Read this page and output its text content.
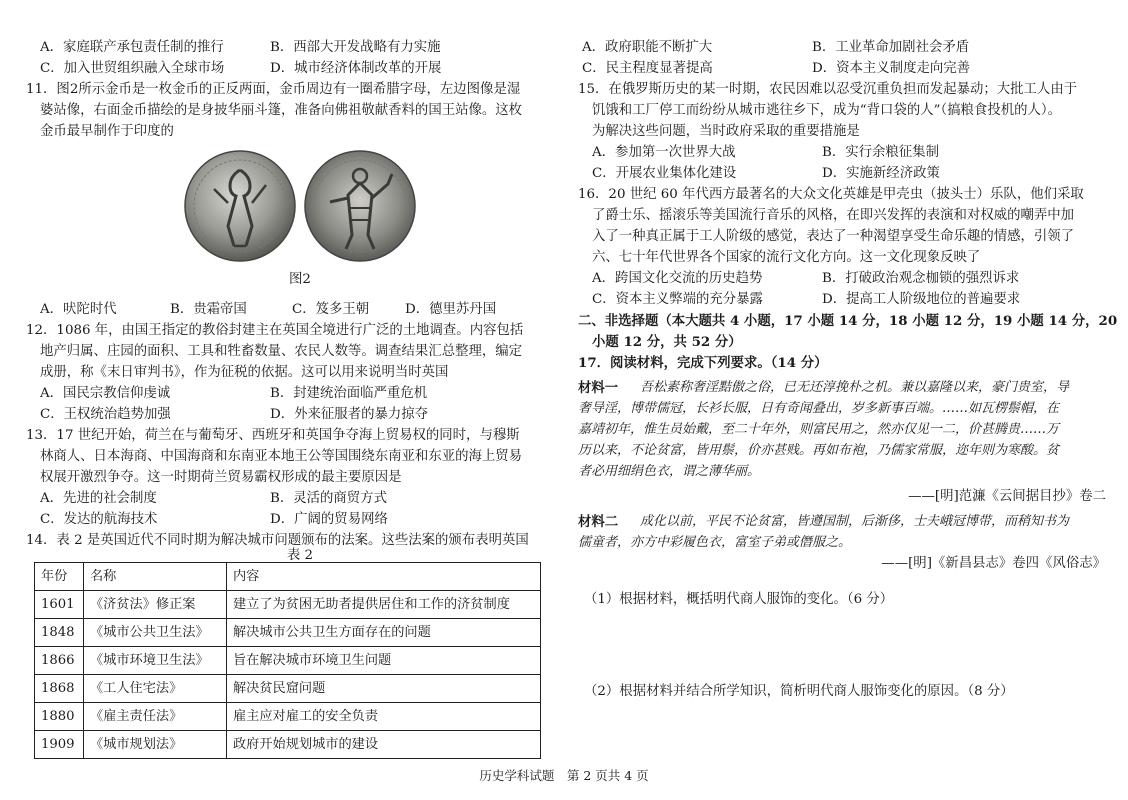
A．家庭联产承包责任制的推行	B．西部大开发战略有力实施
C．加入世贸组织融入全球市场	D．城市经济体制改革的开展
11．图2所示金币是一枚金币的正反两面，金币周边有一圈希腊字母，左边图像是湿
婆站像，右面金币描绘的是身披华丽斗篷，准备向佛祖敬献香料的国王站像。这枚
金币最早制作于印度的
图2
A．吠陀时代	B．贵霜帝国	C．笈多王朝	D．德里苏丹国
12．1086 年，由国王指定的教俗封建主在英国全境进行广泛的土地调查。内容包括
地产归属、庄园的面积、工具和牲畜数量、农民人数等。调查结果汇总整理，编定
成册，称《末日审判书》，作为征税的依据。这可以用来说明当时英国
A．国民宗教信仰虔诚	B．封建统治面临严重危机
C．王权统治趋势加强	D．外来征服者的暴力掠夺
13．17 世纪开始，荷兰在与葡萄牙、西班牙和英国争夺海上贸易权的同时，与穆斯
林商人、日本海商、中国海商和东南亚本地王公等国围绕东南亚和东亚的海上贸易
权展开激烈争夺。这一时期荷兰贸易霸权形成的最主要原因是
A．先进的社会制度	B．灵活的商贸方式
C．发达的航海技术	D．广阔的贸易网络
14．表 2 是英国近代不同时期为解决城市问题颁布的法案。这些法案的颁布表明英国
表 2
年份	名称	内容
1601	《济贫法》修正案	建立了为贫困无助者提供居住和工作的济贫制度
1848	《城市公共卫生法》	解决城市公共卫生方面存在的问题
1866	《城市环境卫生法》	旨在解决城市环境卫生问题
1868	《工人住宅法》	解决贫民窟问题
1880	《雇主责任法》	雇主应对雇工的安全负责
1909	《城市规划法》	政府开始规划城市的建设
A．政府职能不断扩大	B．工业革命加剧社会矛盾
C．民主程度显著提高	D．资本主义制度走向完善
15．在俄罗斯历史的某一时期，农民因难以忍受沉重负担而发起暴动；大批工人由于
饥饿和工厂停工而纷纷从城市逃往乡下，成为“背口袋的人”（搞粮食投机的人）。
为解决这些问题，当时政府采取的重要措施是
A．参加第一次世界大战	B．实行余粮征集制
C．开展农业集体化建设	D．实施新经济政策
16．20 世纪 60 年代西方最著名的大众文化英雄是甲壳虫（披头士）乐队，他们采取
了爵士乐、摇滚乐等美国流行音乐的风格，在即兴发挥的表演和对权威的嘲弄中加
入了一种真正属于工人阶级的感觉，表达了一种渴望享受生命乐趣的情感，引领了
六、七十年代世界各个国家的流行文化方向。这一文化现象反映了
A．跨国文化交流的历史趋势	B．打破政治观念枷锁的强烈诉求
C．资本主义弊端的充分暴露	D．提高工人阶级地位的普遍要求
二、非选择题（本大题共 4 小题，17 小题 14 分，18 小题 12 分，19 小题 14 分，20
小题 12 分，共 52 分）
17．阅读材料，完成下列要求。（14 分）
材料一 吾松素称奢淫黠傲之俗，已无还淳挽朴之机。兼以嘉隆以来，豪门贵室，导
奢导淫，博带儒冠，长衫长服，日有奇闻叠出，岁多新事百端。……如瓦楞鬃帽，在
嘉靖初年，惟生员始戴，至二十年外，则富民用之，然亦仅见一二，价甚腾贵……万
历以来，不论贫富，皆用鬃，价亦甚贱。再如布袍，乃儒家常服，迩年则为寒酸。贫
者必用细绢色衣，谓之薄华丽。
——[明]范濂《云间据目抄》卷二
材料二 成化以前，平民不论贫富，皆遵国制，后渐侈，士夫峨冠博带，而稍知书为
儒童者，亦方中彩履色衣，富室子弟或僭服之。
——[明]《新昌县志》卷四《风俗志》
（1）根据材料，概括明代商人服饰的变化。（6 分）
（2）根据材料并结合所学知识，简析明代商人服饰变化的原因。（8 分）
历史学科试题　第 2 页共 4 页
